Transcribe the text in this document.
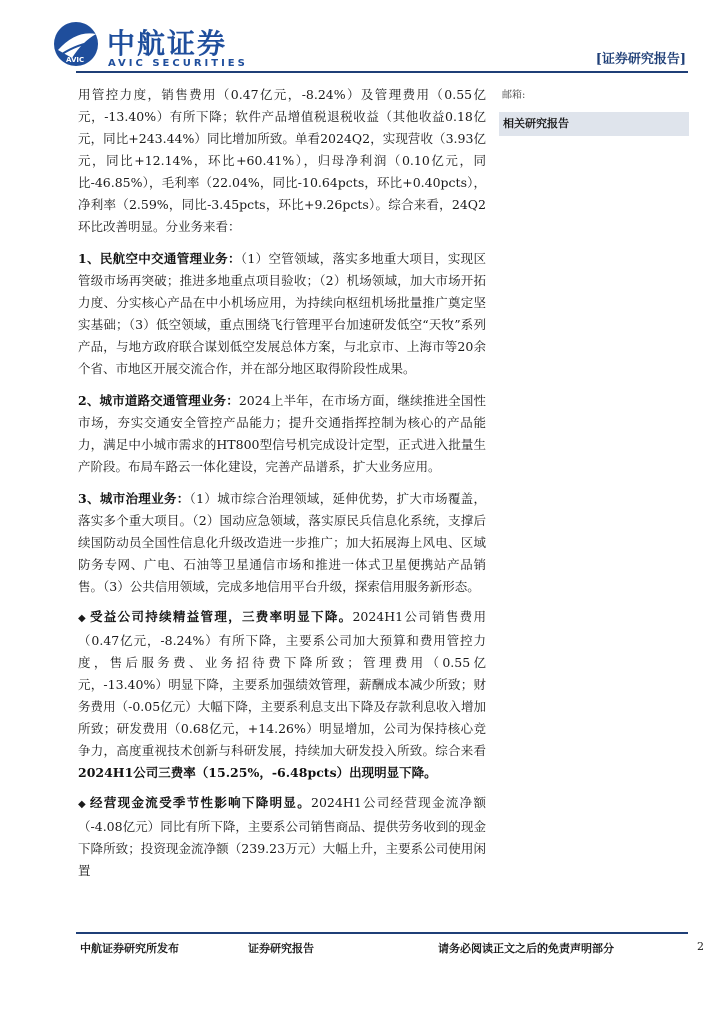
AVIC 中航证券
AVIC SECURITIES	[证券研究报告]

用管控力度，销售费用（0.47亿元，-8.24%）及管理费用（0.55亿元，-13.40%）有所下降；软件产品增值税退税收益（其他收益0.18亿元，同比+243.44%）同比增加所致。单看2024Q2，实现营收（3.93亿元，同比+12.14%，环比+60.41%），归母净利润（0.10亿元，同比-46.85%），毛利率（22.04%，同比-10.64pcts，环比+0.40pcts），净利率（2.59%，同比-3.45pcts，环比+9.26pcts）。综合来看，24Q2环比改善明显。分业务来看：

1、民航空中交通管理业务：（1）空管领域，落实多地重大项目，实现区管级市场再突破；推进多地重点项目验收；（2）机场领域，加大市场开拓力度、分实核心产品在中小机场应用，为持续向枢纽机场批量推广奠定坚实基础；（3）低空领域，重点围绕飞行管理平台加速研发低空“天牧”系列产品，与地方政府联合谋划低空发展总体方案，与北京市、上海市等20余个省、市地区开展交流合作，并在部分地区取得阶段性成果。

2、城市道路交通管理业务：2024上半年，在市场方面，继续推进全国性市场，夯实交通安全管控产品能力；提升交通指挥控制为核心的产品能力，满足中小城市需求的HT800型信号机完成设计定型，正式进入批量生产阶段。布局车路云一体化建设，完善产品谱系，扩大业务应用。

3、城市治理业务：（1）城市综合治理领域，延伸优势，扩大市场覆盖，落实多个重大项目。（2）国动应急领域，落实原民兵信息化系统，支撑后续国防动员全国性信息化升级改造进一步推广；加大拓展海上风电、区域防务专网、广电、石油等卫星通信市场和推进一体式卫星便携站产品销售。（3）公共信用领域，完成多地信用平台升级，探索信用服务新形态。

◆ 受益公司持续精益管理，三费率明显下降。2024H1公司销售费用（0.47亿元，-8.24%）有所下降，主要系公司加大预算和费用管控力度，售后服务费、业务招待费下降所致；管理费用（0.55亿元，-13.40%）明显下降，主要系加强绩效管理，薪酬成本减少所致；财务费用（-0.05亿元）大幅下降，主要系利息支出下降及存款利息收入增加所致；研发费用（0.68亿元，+14.26%）明显增加，公司为保持核心竞争力，高度重视技术创新与科研发展，持续加大研发投入所致。综合来看2024H1公司三费率（15.25%，-6.48pcts）出现明显下降。

◆ 经营现金流受季节性影响下降明显。2024H1公司经营现金流净额（-4.08亿元）同比有所下降，主要系公司销售商品、提供劳务收到的现金下降所致；投资现金流净额（239.23万元）大幅上升，主要系公司使用闲置

邮箱:
相关研究报告
中航证券研究所发布	证券研究报告	请务必阅读正文之后的免责声明部分	2
